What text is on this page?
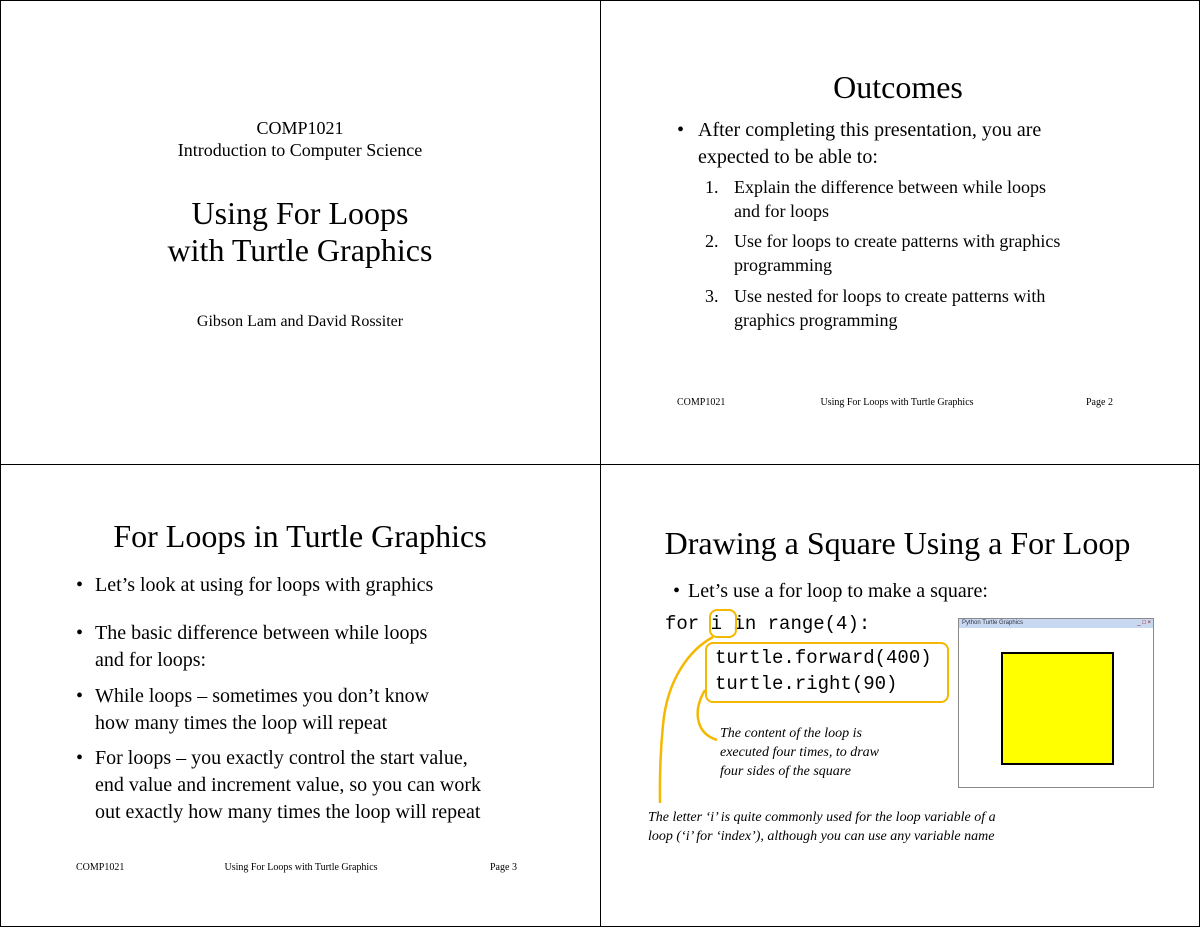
COMP1021
Introduction to Computer Science
Using For Loops
with Turtle Graphics
Gibson Lam and David Rossiter
Outcomes
• After completing this presentation, you are
expected to be able to:
1. Explain the difference between while loops
and for loops
2. Use for loops to create patterns with graphics
programming
3. Use nested for loops to create patterns with
graphics programming
COMP1021	Using For Loops with Turtle Graphics	Page 2
For Loops in Turtle Graphics
• Let’s look at using for loops with graphics
• The basic difference between while loops
and for loops:
• While loops – sometimes you don’t know
how many times the loop will repeat
• For loops – you exactly control the start value,
end value and increment value, so you can work
out exactly how many times the loop will repeat
COMP1021	Using For Loops with Turtle Graphics	Page 3
Drawing a Square Using a For Loop
• Let’s use a for loop to make a square:
for i in range(4):
turtle.forward(400)
turtle.right(90)
The content of the loop is
executed four times, to draw
four sides of the square
The letter ‘i’ is quite commonly used for the loop variable of a
loop (‘i’ for ‘index’), although you can use any variable name
Python Turtle Graphics	_ □ ×
